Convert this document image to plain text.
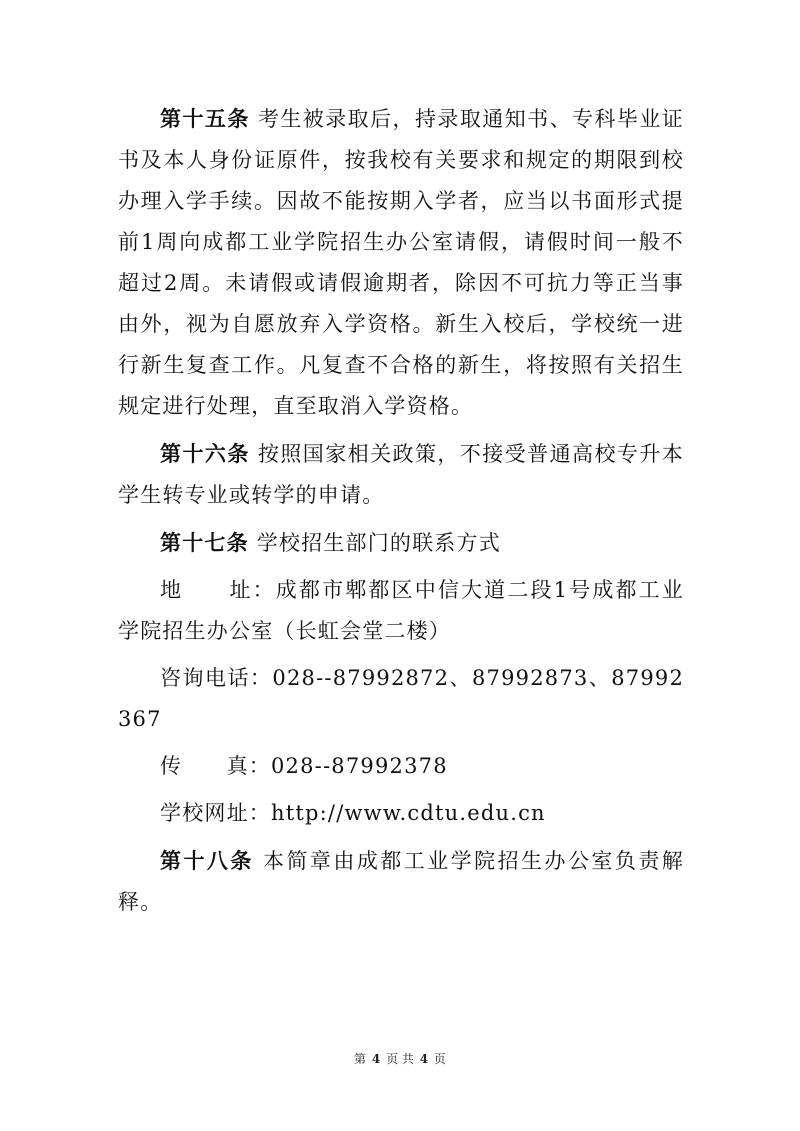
第十五条 考生被录取后，持录取通知书、专科毕业证书及本人身份证原件，按我校有关要求和规定的期限到校办理入学手续。因故不能按期入学者，应当以书面形式提前1周向成都工业学院招生办公室请假，请假时间一般不超过2周。未请假或请假逾期者，除因不可抗力等正当事由外，视为自愿放弃入学资格。新生入校后，学校统一进行新生复查工作。凡复查不合格的新生，将按照有关招生规定进行处理，直至取消入学资格。

第十六条 按照国家相关政策，不接受普通高校专升本学生转专业或转学的申请。

第十七条 学校招生部门的联系方式

地　　址：成都市郫都区中信大道二段1号成都工业学院招生办公室（长虹会堂二楼）

咨询电话：028--87992872、87992873、87992367

传　　真：028--87992378

学校网址：http://www.cdtu.edu.cn

第十八条 本简章由成都工业学院招生办公室负责解释。

第 4 页 共 4 页
